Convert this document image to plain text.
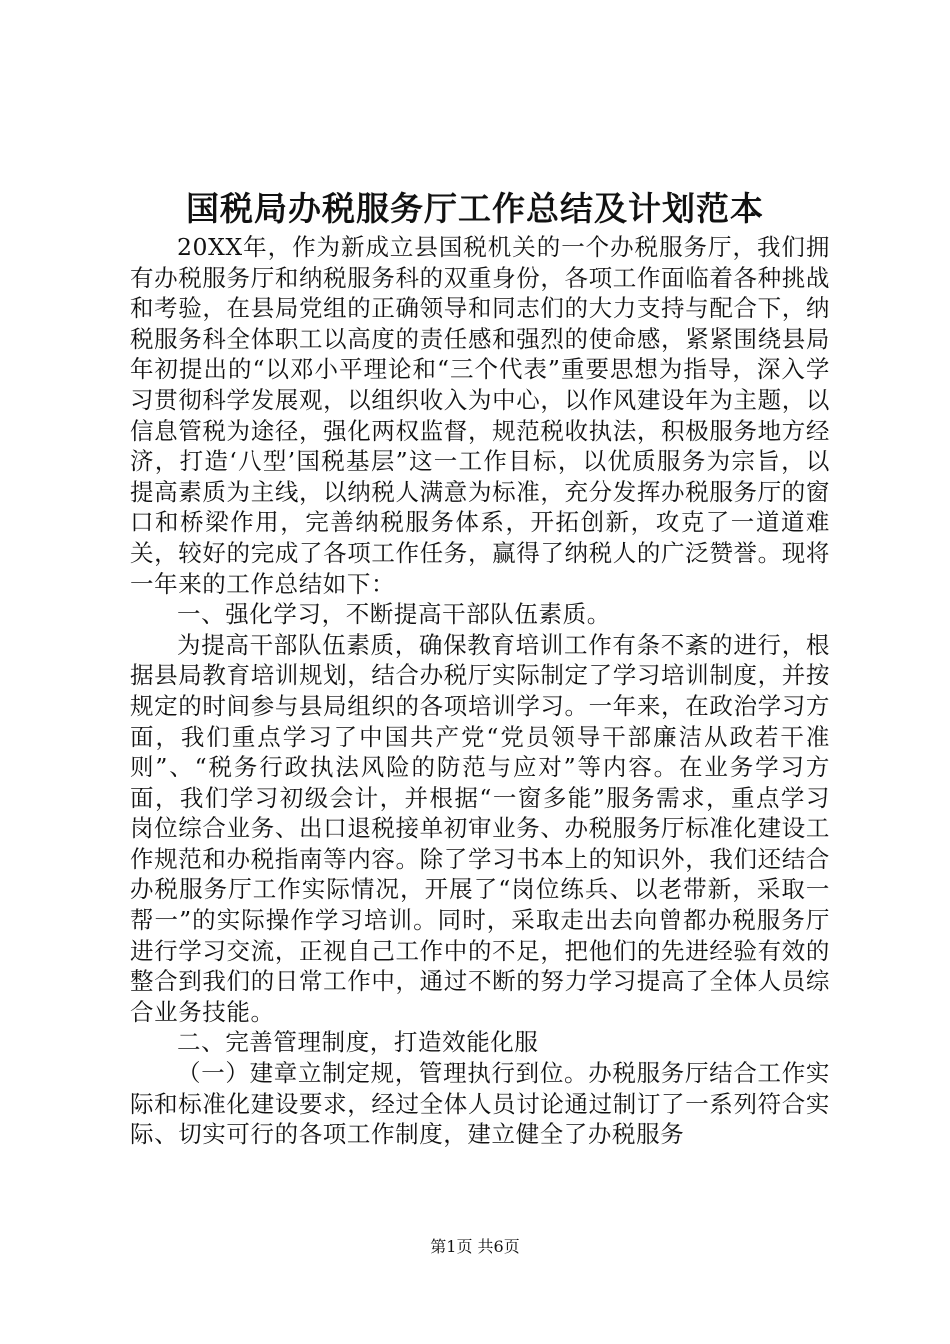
国税局办税服务厅工作总结及计划范本

20XX年，作为新成立县国税机关的一个办税服务厅，我们拥有办税服务厅和纳税服务科的双重身份，各项工作面临着各种挑战和考验，在县局党组的正确领导和同志们的大力支持与配合下，纳税服务科全体职工以高度的责任感和强烈的使命感，紧紧围绕县局年初提出的“以邓小平理论和“三个代表”重要思想为指导，深入学习贯彻科学发展观，以组织收入为中心，以作风建设年为主题，以信息管税为途径，强化两权监督，规范税收执法，积极服务地方经济，打造‘八型’国税基层”这一工作目标，以优质服务为宗旨，以提高素质为主线，以纳税人满意为标准，充分发挥办税服务厅的窗口和桥梁作用，完善纳税服务体系，开拓创新，攻克了一道道难关，较好的完成了各项工作任务，赢得了纳税人的广泛赞誉。现将一年来的工作总结如下：

一、强化学习，不断提高干部队伍素质。

为提高干部队伍素质，确保教育培训工作有条不紊的进行，根据县局教育培训规划，结合办税厅实际制定了学习培训制度，并按规定的时间参与县局组织的各项培训学习。一年来，在政治学习方面，我们重点学习了中国共产党“党员领导干部廉洁从政若干准则”、“税务行政执法风险的防范与应对”等内容。在业务学习方面，我们学习初级会计，并根据“一窗多能”服务需求，重点学习岗位综合业务、出口退税接单初审业务、办税服务厅标准化建设工作规范和办税指南等内容。除了学习书本上的知识外，我们还结合办税服务厅工作实际情况，开展了“岗位练兵、以老带新，采取一帮一”的实际操作学习培训。同时，采取走出去向曾都办税服务厅进行学习交流，正视自己工作中的不足，把他们的先进经验有效的整合到我们的日常工作中，通过不断的努力学习提高了全体人员综合业务技能。

二、完善管理制度，打造效能化服

（一）建章立制定规，管理执行到位。办税服务厅结合工作实际和标准化建设要求，经过全体人员讨论通过制订了一系列符合实际、切实可行的各项工作制度，建立健全了办税服务

第1页 共6页
